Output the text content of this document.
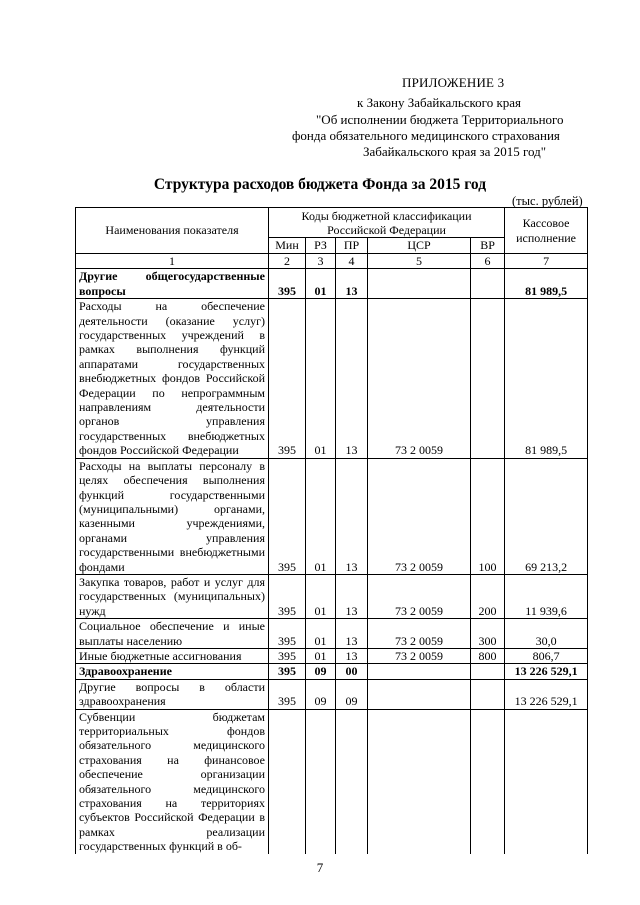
ПРИЛОЖЕНИЕ 3
к Закону Забайкальского края
"Об исполнении бюджета Территориального
фонда обязательного медицинского страхования
Забайкальского края за 2015 год"
Структура расходов бюджета Фонда за 2015 год
(тыс. рублей)
Наименования показателя	Коды бюджетной классификации Российской Федерации					Кассовое исполнение
	Мин	РЗ	ПР	ЦСР	ВР	
1	2	3	4	5	6	7
Другие общегосударственные вопросы	395	01	13			81 989,5
Расходы на обеспечение деятельности (оказание услуг) государственных учреждений в рамках выполнения функций аппаратами государственных внебюджетных фондов Российской Федерации по непрограммным направлениям деятельности органов управления государственных внебюджетных фондов Российской Федерации	395	01	13	73 2 0059		81 989,5
Расходы на выплаты персоналу в целях обеспечения выполнения функций государственными (муниципальными) органами, казенными учреждениями, органами управления государственными внебюджетными фондами	395	01	13	73 2 0059	100	69 213,2
Закупка товаров, работ и услуг для государственных (муниципальных) нужд	395	01	13	73 2 0059	200	11 939,6
Социальное обеспечение и иные выплаты населению	395	01	13	73 2 0059	300	30,0
Иные бюджетные ассигнования	395	01	13	73 2 0059	800	806,7
Здравоохранение	395	09	00			13 226 529,1
Другие вопросы в области здравоохранения	395	09	09			13 226 529,1
Субвенции бюджетам территориальных фондов обязательного медицинского страхования на финансовое обеспечение организации обязательного медицинского страхования на территориях субъектов Российской Федерации в рамках реализации государственных функций в об-						
7
